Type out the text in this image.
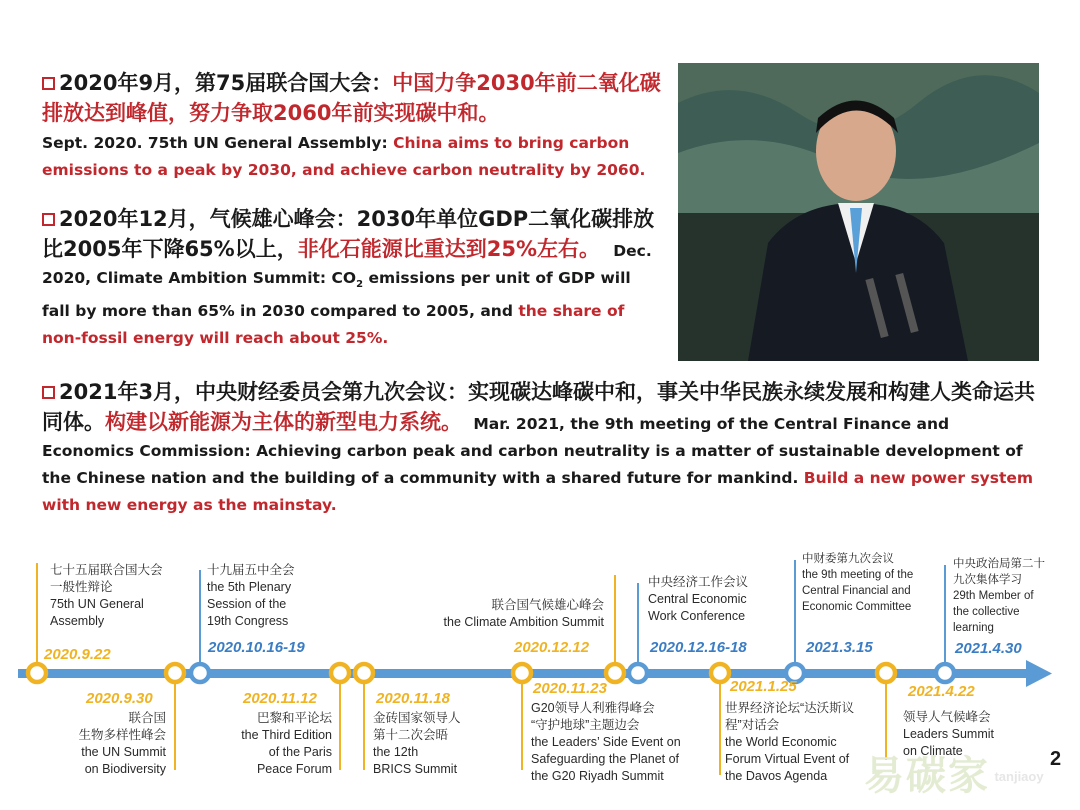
2020年9月，第75届联合国大会：中国力争2030年前二氧化碳排放达到峰值，努力争取2060年前实现碳中和。
Sept. 2020. 75th UN General Assembly: China aims to bring carbon emissions to a peak by 2030, and achieve carbon neutrality by 2060.
2020年12月，气候雄心峰会：2030年单位GDP二氧化碳排放比2005年下降65%以上，非化石能源比重达到25%左右。 Dec. 2020, Climate Ambition Summit: $CO_2$ emissions per unit of GDP will fall by more than 65% in 2030 compared to 2005, and the share of non-fossil energy will reach about 25%.
2021年3月，中央财经委员会第九次会议：实现碳达峰碳中和，事关中华民族永续发展和构建人类命运共同体。构建以新能源为主体的新型电力系统。 Mar. 2021, the 9th meeting of the Central Finance and Economics Commission: Achieving carbon peak and carbon neutrality is a matter of sustainable development of the Chinese nation and the building of a community with a shared future for mankind. Build a new power system with new energy as the mainstay.
七十五届联合国大会
一般性辩论
75th UN General
Assembly
2020.9.22
十九届五中全会
the 5th Plenary
Session of the
19th Congress
2020.10.16-19
联合国气候雄心峰会
the Climate Ambition Summit
2020.12.12
中央经济工作会议
Central Economic
Work Conference
2020.12.16-18
中财委第九次会议
the 9th meeting of the
Central Financial and
Economic Committee
2021.3.15
中央政治局第二十
九次集体学习
29th Member of
the collective
learning
2021.4.30
2020.9.30
联合国
生物多样性峰会
the UN Summit
on Biodiversity
2020.11.12
巴黎和平论坛
the Third Edition
of the Paris
Peace Forum
2020.11.18
金砖国家领导人
第十二次会晤
the 12th
BRICS Summit
2020.11.23
G20领导人利雅得峰会
“守护地球”主题边会
the Leaders’ Side Event on
Safeguarding the Planet of
the G20 Riyadh Summit
2021.1.25
世界经济论坛“达沃斯议
程”对话会
the World Economic
Forum Virtual Event of
the Davos Agenda
2021.4.22
领导人气候峰会
Leaders Summit
on Climate
易碳家 $^{tanjiaoy}$
2
